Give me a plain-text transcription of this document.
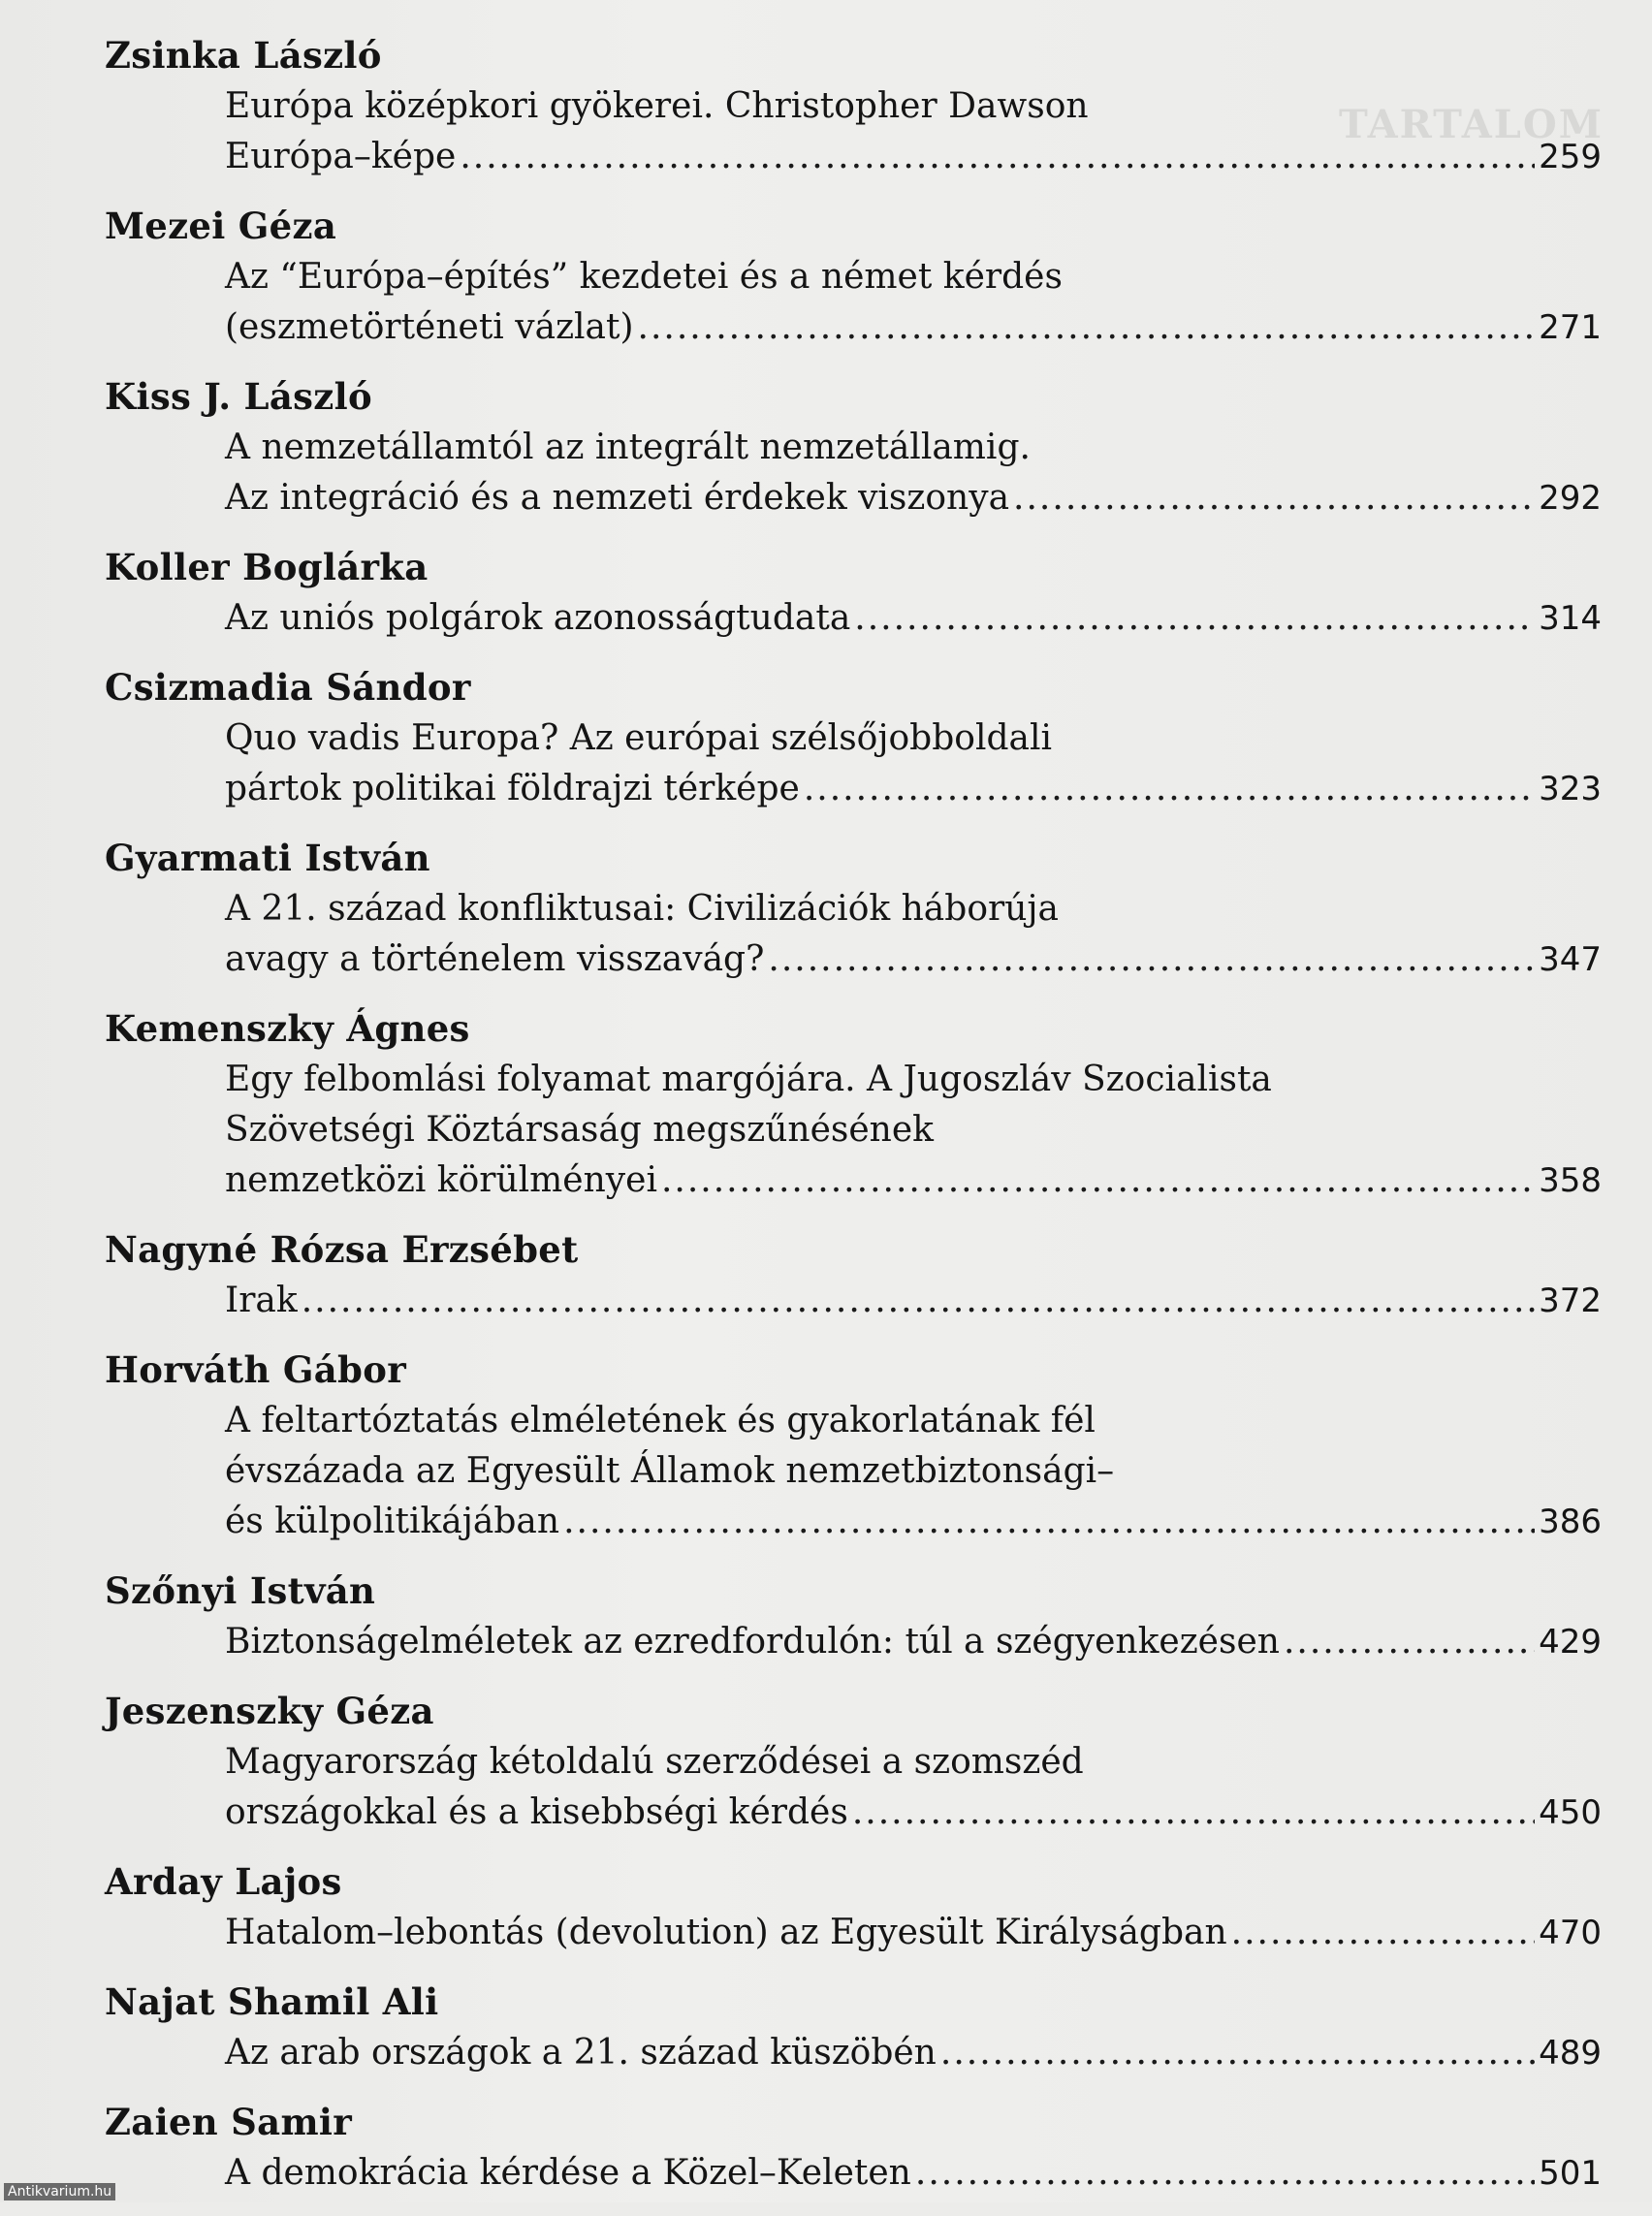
TARTALOM
Zsinka László
Európa középkori gyökerei. Christopher Dawson
Európa–képe .....	259
Mezei Géza
Az “Európa–építés” kezdetei és a német kérdés
(eszmetörténeti vázlat) .....	271
Kiss J. László
A nemzetállamtól az integrált nemzetállamig.
Az integráció és a nemzeti érdekek viszonya .....	292
Koller Boglárka
Az uniós polgárok azonosságtudata .....	314
Csizmadia Sándor
Quo vadis Europa? Az európai szélsőjobboldali
pártok politikai földrajzi térképe .....	323
Gyarmati István
A 21. század konfliktusai: Civilizációk háborúja
avagy a történelem visszavág? .....	347
Kemenszky Ágnes
Egy felbomlási folyamat margójára. A Jugoszláv Szocialista
Szövetségi Köztársaság megszűnésének
nemzetközi körülményei .....	358
Nagyné Rózsa Erzsébet
Irak .....	372
Horváth Gábor
A feltartóztatás elméletének és gyakorlatának fél
évszázada az Egyesült Államok nemzetbiztonsági–
és külpolitikájában .....	386
Szőnyi István
Biztonságelméletek az ezredfordulón: túl a szégyenkezésen .....	429
Jeszenszky Géza
Magyarország kétoldalú szerződései a szomszéd
országokkal és a kisebbségi kérdés .....	450
Arday Lajos
Hatalom–lebontás (devolution) az Egyesült Királyságban .....	470
Najat Shamil Ali
Az arab országok a 21. század küszöbén .....	489
Zaien Samir
A demokrácia kérdése a Közel–Keleten .....	501
Antikvarium.hu
